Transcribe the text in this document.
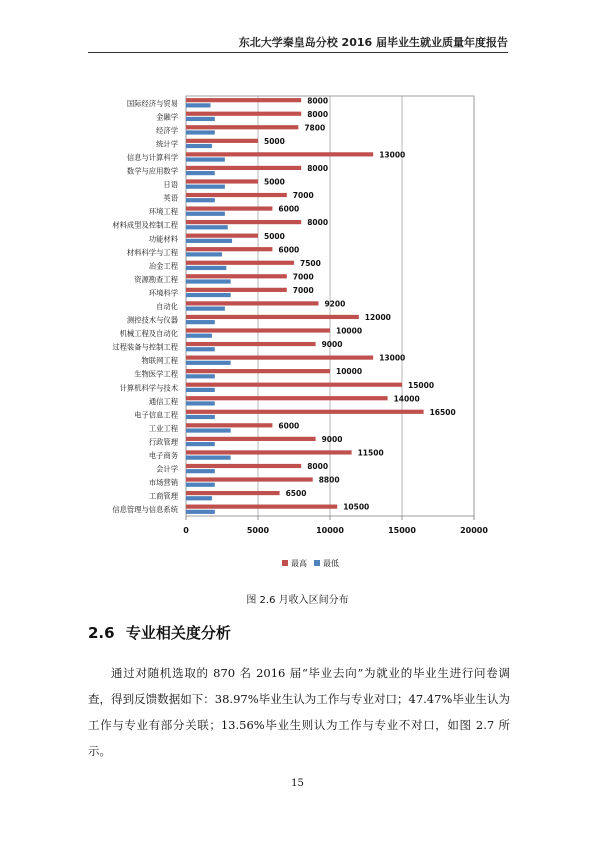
东北大学秦皇岛分校 2016 届毕业生就业质量年度报告
0	5000	10000	15000	20000
国际经济与贸易	8000
金融学	8000
经济学	7800
统计学	5000
信息与计算科学	13000
数学与应用数学	8000
日语	5000
英语	7000
环境工程	6000
材料成型及控制工程	8000
功能材料	5000
材料科学与工程	6000
冶金工程	7500
资源勘查工程	7000
环境科学	7000
自动化	9200
测控技术与仪器	12000
机械工程及自动化	10000
过程装备与控制工程	9000
物联网工程	13000
生物医学工程	10000
计算机科学与技术	15000
通信工程	14000
电子信息工程	16500
工业工程	6000
行政管理	9000
电子商务	11500
会计学	8000
市场营销	8800
工商管理	6500
信息管理与信息系统	10500
最高 最低
图 2.6 月收入区间分布
2.6 专业相关度分析

通过对随机选取的 870 名 2016 届“毕业去向”为就业的毕业生进行问卷调查，得到反馈数据如下：38.97%毕业生认为工作与专业对口；47.47%毕业生认为工作与专业有部分关联；13.56%毕业生则认为工作与专业不对口，如图 2.7 所示。

15
